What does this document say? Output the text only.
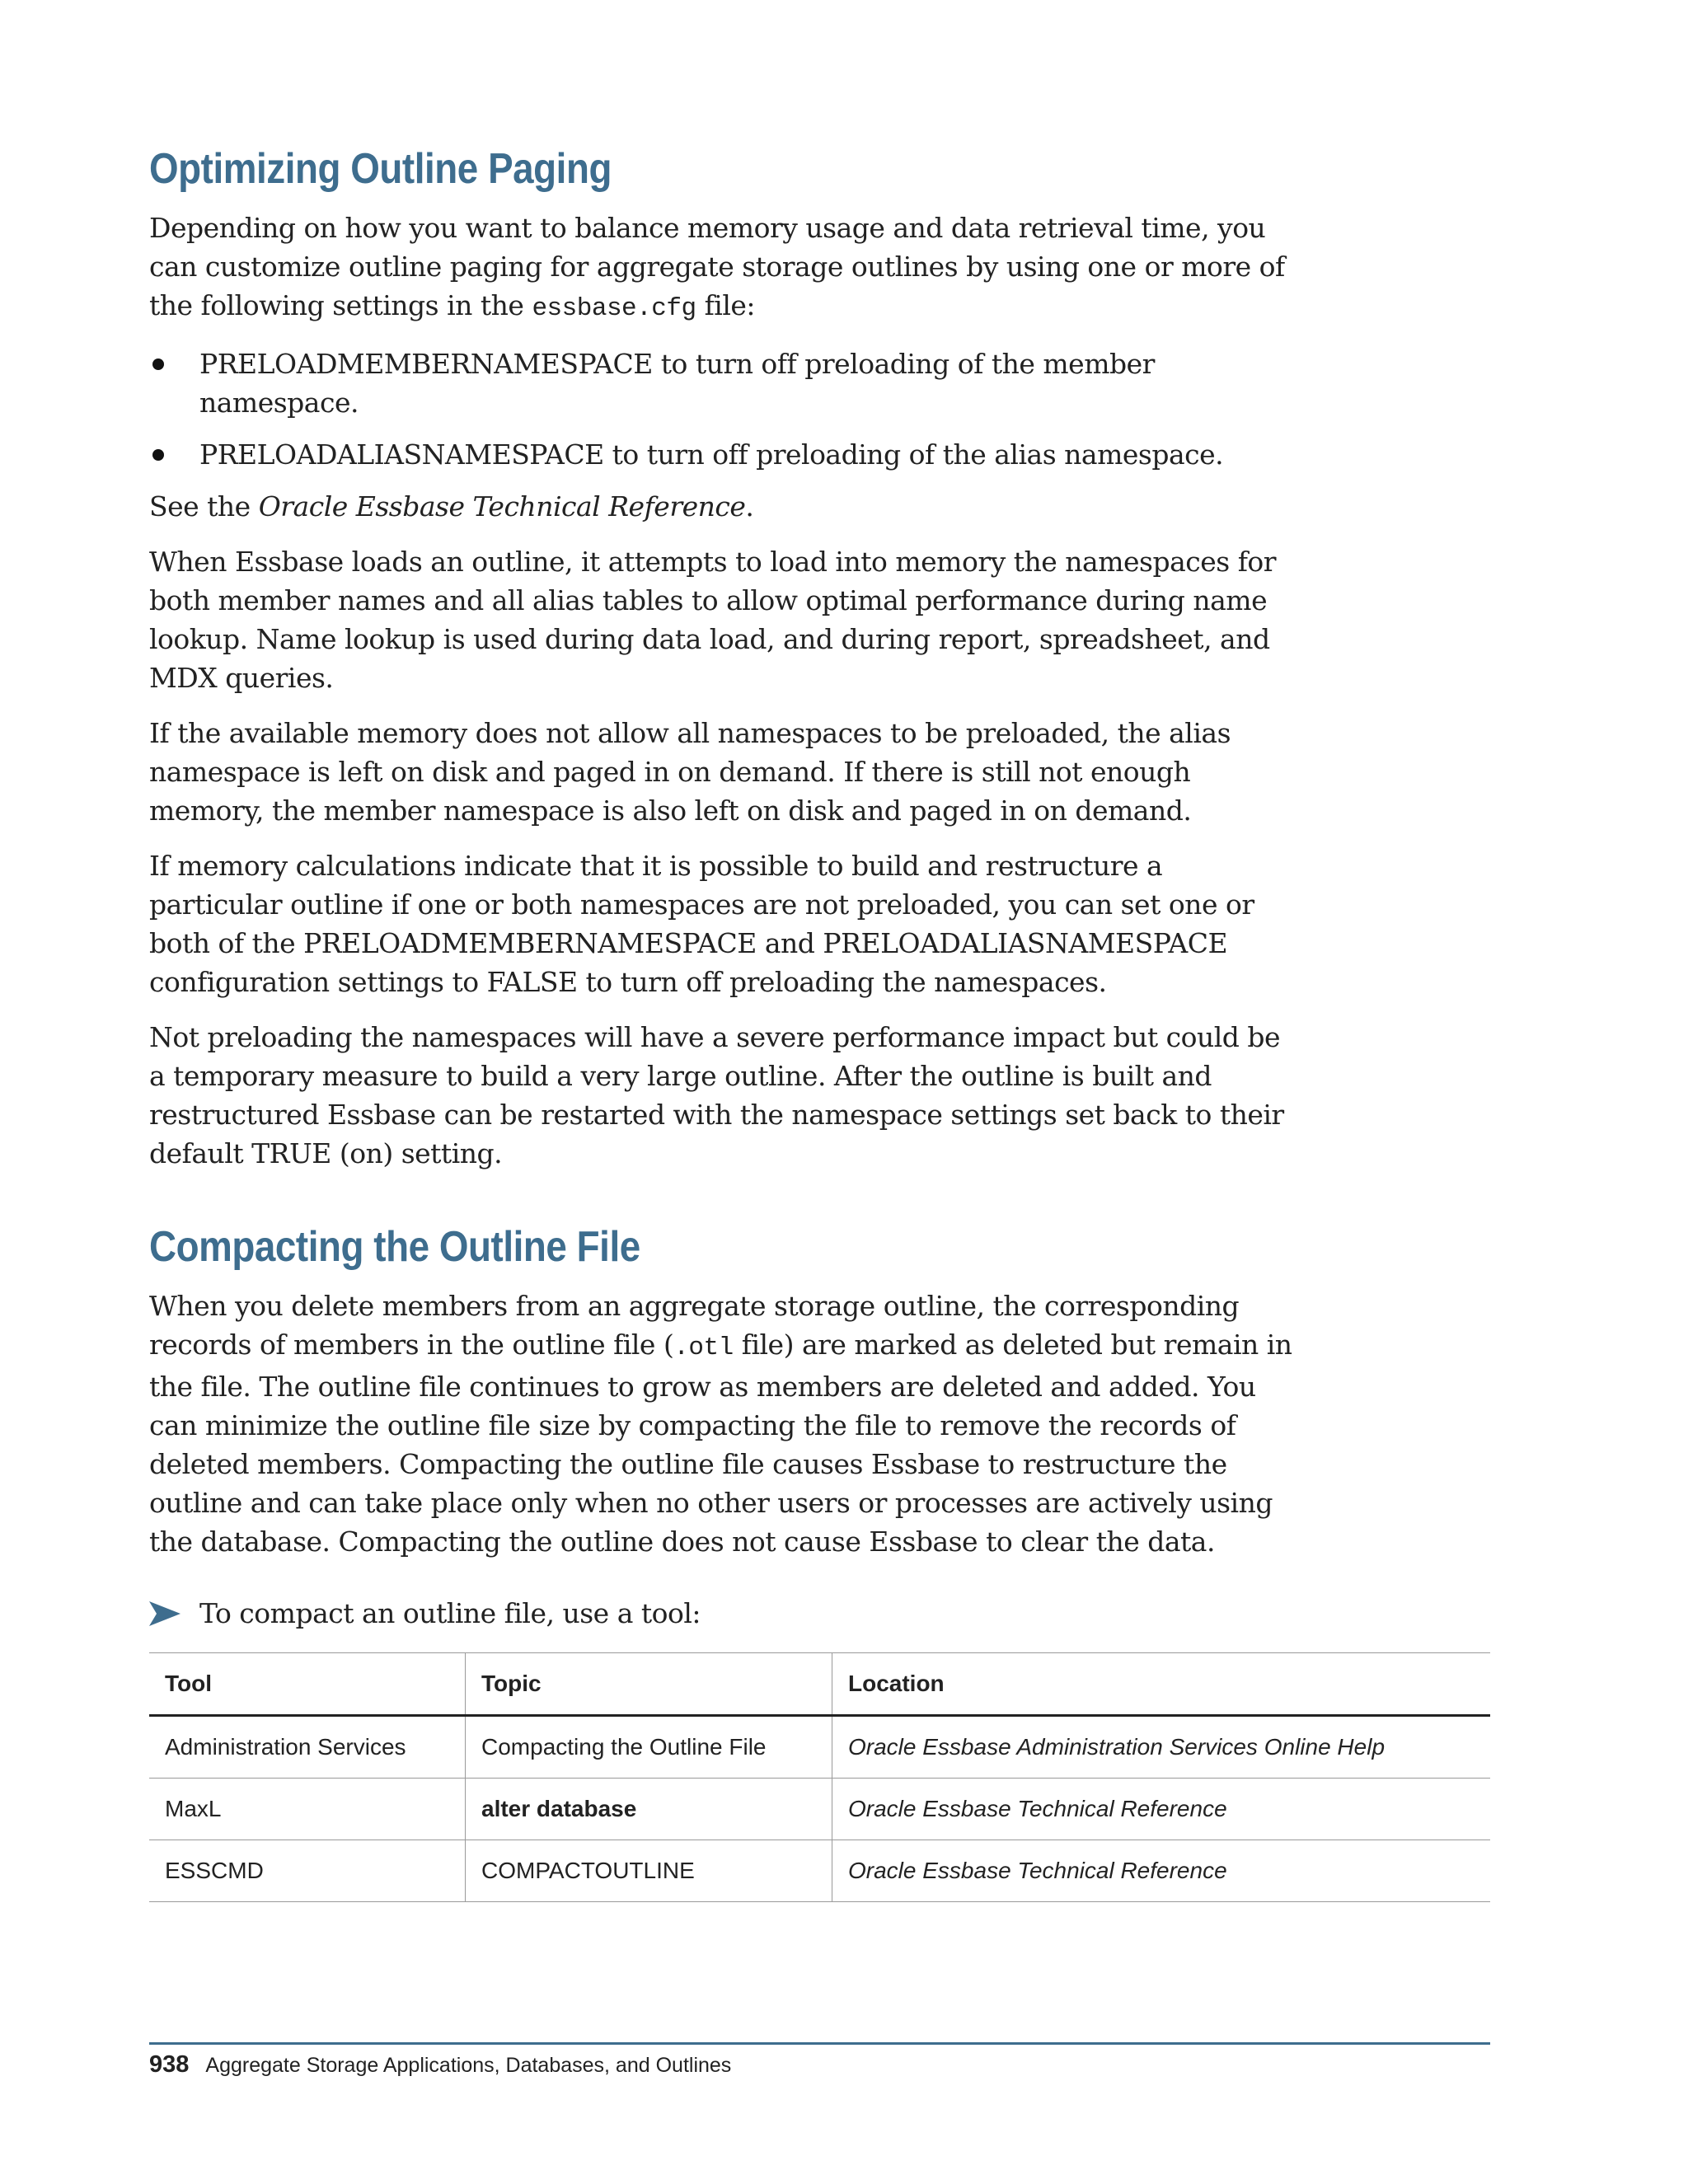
Optimizing Outline Paging

Depending on how you want to balance memory usage and data retrieval time, you can customize outline paging for aggregate storage outlines by using one or more of the following settings in the essbase.cfg file:

PRELOADMEMBERNAMESPACE to turn off preloading of the member namespace.
PRELOADALIASNAMESPACE to turn off preloading of the alias namespace.

See the Oracle Essbase Technical Reference.

When Essbase loads an outline, it attempts to load into memory the namespaces for both member names and all alias tables to allow optimal performance during name lookup. Name lookup is used during data load, and during report, spreadsheet, and MDX queries.

If the available memory does not allow all namespaces to be preloaded, the alias namespace is left on disk and paged in on demand. If there is still not enough memory, the member namespace is also left on disk and paged in on demand.

If memory calculations indicate that it is possible to build and restructure a particular outline if one or both namespaces are not preloaded, you can set one or both of the PRELOADMEMBERNAMESPACE and PRELOADALIASNAMESPACE configuration settings to FALSE to turn off preloading the namespaces.

Not preloading the namespaces will have a severe performance impact but could be a temporary measure to build a very large outline. After the outline is built and restructured Essbase can be restarted with the namespace settings set back to their default TRUE (on) setting.

Compacting the Outline File

When you delete members from an aggregate storage outline, the corresponding records of members in the outline file (.otl file) are marked as deleted but remain in the file. The outline file continues to grow as members are deleted and added. You can minimize the outline file size by compacting the file to remove the records of deleted members. Compacting the outline file causes Essbase to restructure the outline and can take place only when no other users or processes are actively using the database. Compacting the outline does not cause Essbase to clear the data.

To compact an outline file, use a tool:
Tool	Topic	Location
Administration Services	Compacting the Outline File	Oracle Essbase Administration Services Online Help
MaxL	alter database	Oracle Essbase Technical Reference
ESSCMD	COMPACTOUTLINE	Oracle Essbase Technical Reference
938 Aggregate Storage Applications, Databases, and Outlines
